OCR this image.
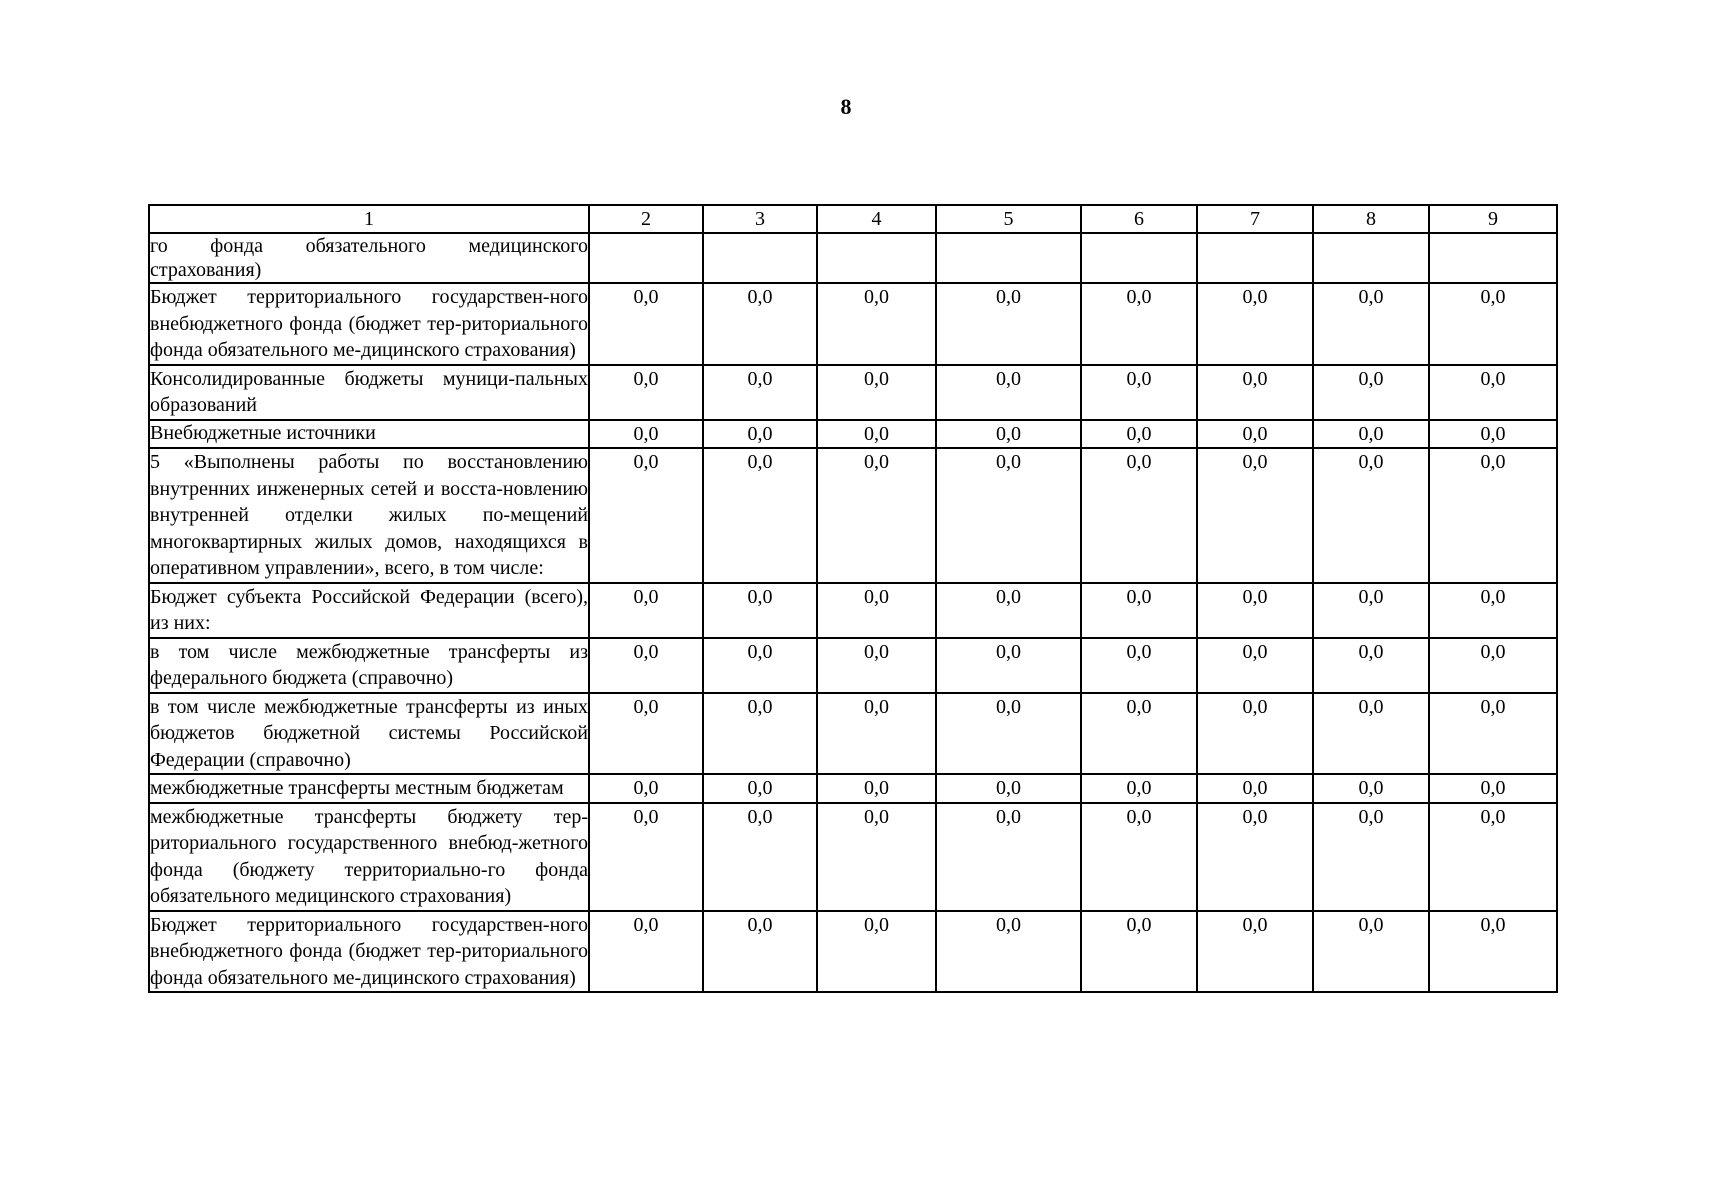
8
1	2	3	4	5	6	7	8	9
го фонда обязательного медицинского страхования)								
Бюджет территориального государствен-ного внебюджетного фонда (бюджет тер-риториального фонда обязательного ме-дицинского страхования)	0,0	0,0	0,0	0,0	0,0	0,0	0,0	0,0
Консолидированные бюджеты муници-пальных образований	0,0	0,0	0,0	0,0	0,0	0,0	0,0	0,0
Внебюджетные источники	0,0	0,0	0,0	0,0	0,0	0,0	0,0	0,0
5 «Выполнены работы по восстановлению внутренних инженерных сетей и восста-новлению внутренней отделки жилых по-мещений многоквартирных жилых домов, находящихся в оперативном управлении», всего, в том числе:	0,0	0,0	0,0	0,0	0,0	0,0	0,0	0,0
Бюджет субъекта Российской Федерации (всего), из них:	0,0	0,0	0,0	0,0	0,0	0,0	0,0	0,0
в том числе межбюджетные трансферты из федерального бюджета (справочно)	0,0	0,0	0,0	0,0	0,0	0,0	0,0	0,0
в том числе межбюджетные трансферты из иных бюджетов бюджетной системы Российской Федерации (справочно)	0,0	0,0	0,0	0,0	0,0	0,0	0,0	0,0
межбюджетные трансферты местным бюджетам	0,0	0,0	0,0	0,0	0,0	0,0	0,0	0,0
межбюджетные трансферты бюджету тер-риториального государственного внебюд-жетного фонда (бюджету территориально-го фонда обязательного медицинского страхования)	0,0	0,0	0,0	0,0	0,0	0,0	0,0	0,0
Бюджет территориального государствен-ного внебюджетного фонда (бюджет тер-риториального фонда обязательного ме-дицинского страхования)	0,0	0,0	0,0	0,0	0,0	0,0	0,0	0,0
